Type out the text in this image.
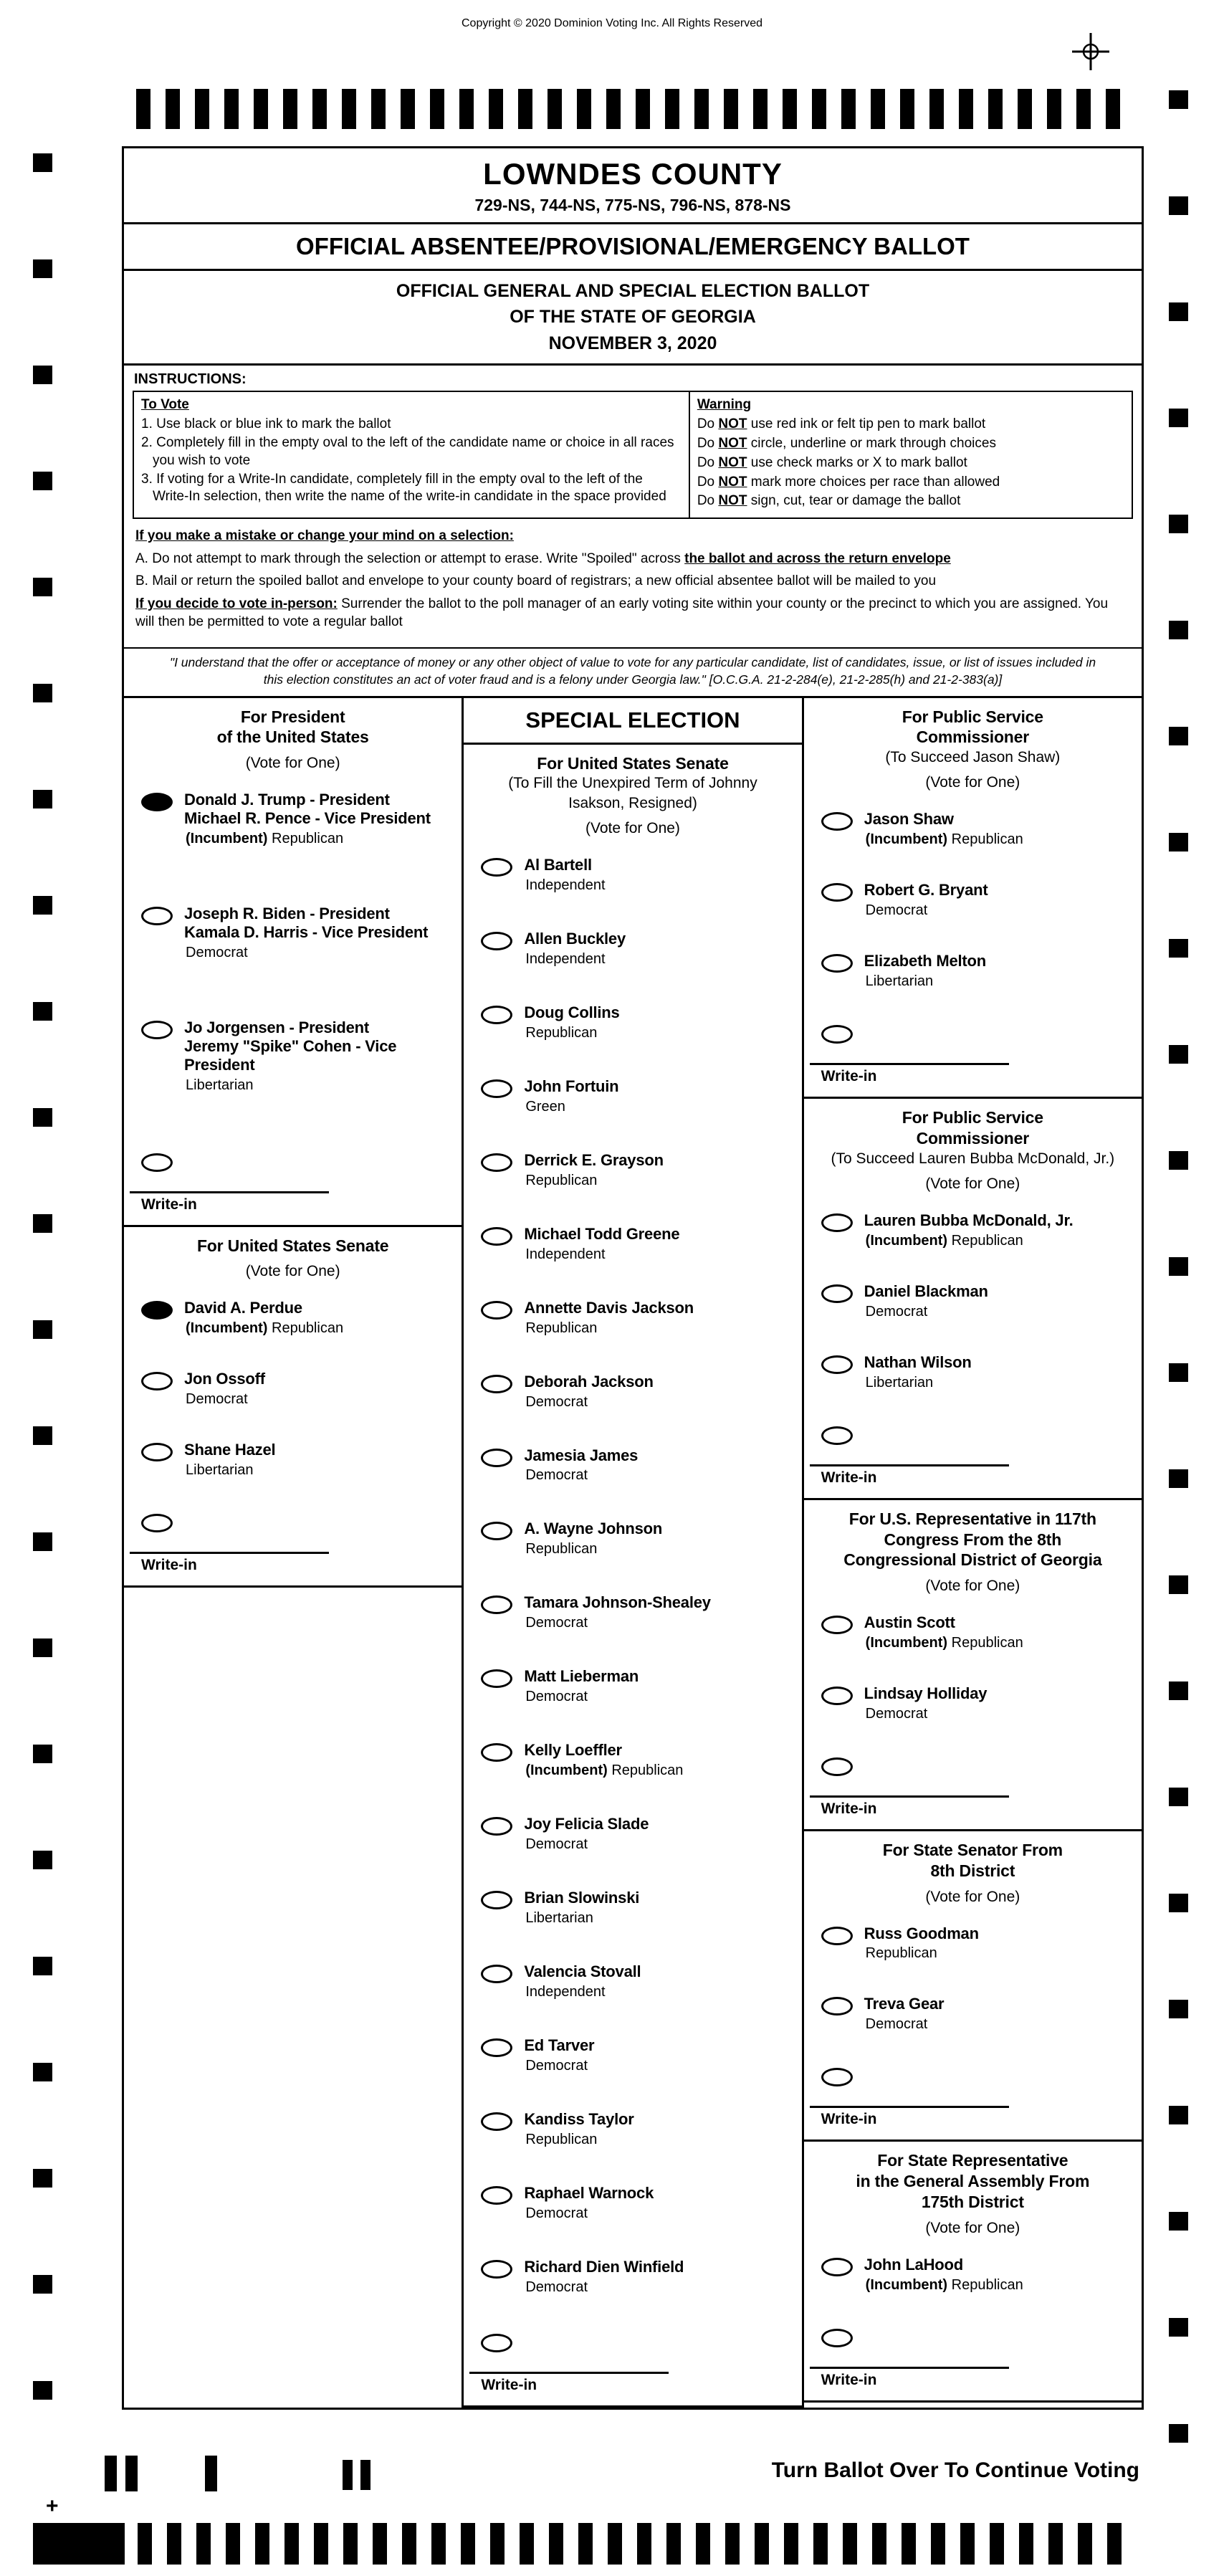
Copyright © 2020 Dominion Voting Inc. All Rights Reserved
LOWNDES COUNTY
729-NS, 744-NS, 775-NS, 796-NS, 878-NS
OFFICIAL ABSENTEE/PROVISIONAL/EMERGENCY BALLOT
OFFICIAL GENERAL AND SPECIAL ELECTION BALLOT
OF THE STATE OF GEORGIA
NOVEMBER 3, 2020
INSTRUCTIONS:
To Vote
1. Use black or blue ink to mark the ballot
2. Completely fill in the empty oval to the left of the candidate name or choice in all races you wish to vote
3. If voting for a Write-In candidate, completely fill in the empty oval to the left of the Write-In selection, then write the name of the write-in candidate in the space provided
Warning
Do NOT use red ink or felt tip pen to mark ballot
Do NOT circle, underline or mark through choices
Do NOT use check marks or X to mark ballot
Do NOT mark more choices per race than allowed
Do NOT sign, cut, tear or damage the ballot
If you make a mistake or change your mind on a selection:

A. Do not attempt to mark through the selection or attempt to erase. Write "Spoiled" across the ballot and across the return envelope

B. Mail or return the spoiled ballot and envelope to your county board of registrars; a new official absentee ballot will be mailed to you

If you decide to vote in-person: Surrender the ballot to the poll manager of an early voting site within your county or the precinct to which you are assigned. You will then be permitted to vote a regular ballot

"I understand that the offer or acceptance of money or any other object of value to vote for any particular candidate, list of candidates, issue, or list of issues included in this election constitutes an act of voter fraud and is a felony under Georgia law." [O.C.G.A. 21-2-284(e), 21-2-285(h) and 21-2-383(a)]
For President
of the United States
(Vote for One)
Donald J. Trump - President
Michael R. Pence - Vice President
(Incumbent) Republican
Joseph R. Biden - President
Kamala D. Harris - Vice President
Democrat
Jo Jorgensen - President
Jeremy "Spike" Cohen - Vice President
Libertarian
Write-in
For United States Senate
(Vote for One)
David A. Perdue
(Incumbent) Republican
Jon Ossoff
Democrat
Shane Hazel
Libertarian
Write-in
SPECIAL ELECTION
For United States Senate
(To Fill the Unexpired Term of Johnny
Isakson, Resigned)
(Vote for One)
Al Bartell
Independent
Allen Buckley
Independent
Doug Collins
Republican
John Fortuin
Green
Derrick E. Grayson
Republican
Michael Todd Greene
Independent
Annette Davis Jackson
Republican
Deborah Jackson
Democrat
Jamesia James
Democrat
A. Wayne Johnson
Republican
Tamara Johnson-Shealey
Democrat
Matt Lieberman
Democrat
Kelly Loeffler
(Incumbent) Republican
Joy Felicia Slade
Democrat
Brian Slowinski
Libertarian
Valencia Stovall
Independent
Ed Tarver
Democrat
Kandiss Taylor
Republican
Raphael Warnock
Democrat
Richard Dien Winfield
Democrat
Write-in
For Public Service
Commissioner
(To Succeed Jason Shaw)
(Vote for One)
Jason Shaw
(Incumbent) Republican
Robert G. Bryant
Democrat
Elizabeth Melton
Libertarian
Write-in
For Public Service
Commissioner
(To Succeed Lauren Bubba McDonald, Jr.)
(Vote for One)
Lauren Bubba McDonald, Jr.
(Incumbent) Republican
Daniel Blackman
Democrat
Nathan Wilson
Libertarian
Write-in
For U.S. Representative in 117th
Congress From the 8th
Congressional District of Georgia
(Vote for One)
Austin Scott
(Incumbent) Republican
Lindsay Holliday
Democrat
Write-in
For State Senator From
8th District
(Vote for One)
Russ Goodman
Republican
Treva Gear
Democrat
Write-in
For State Representative
in the General Assembly From
175th District
(Vote for One)
John LaHood
(Incumbent) Republican
Write-in
Turn Ballot Over To Continue Voting
+
